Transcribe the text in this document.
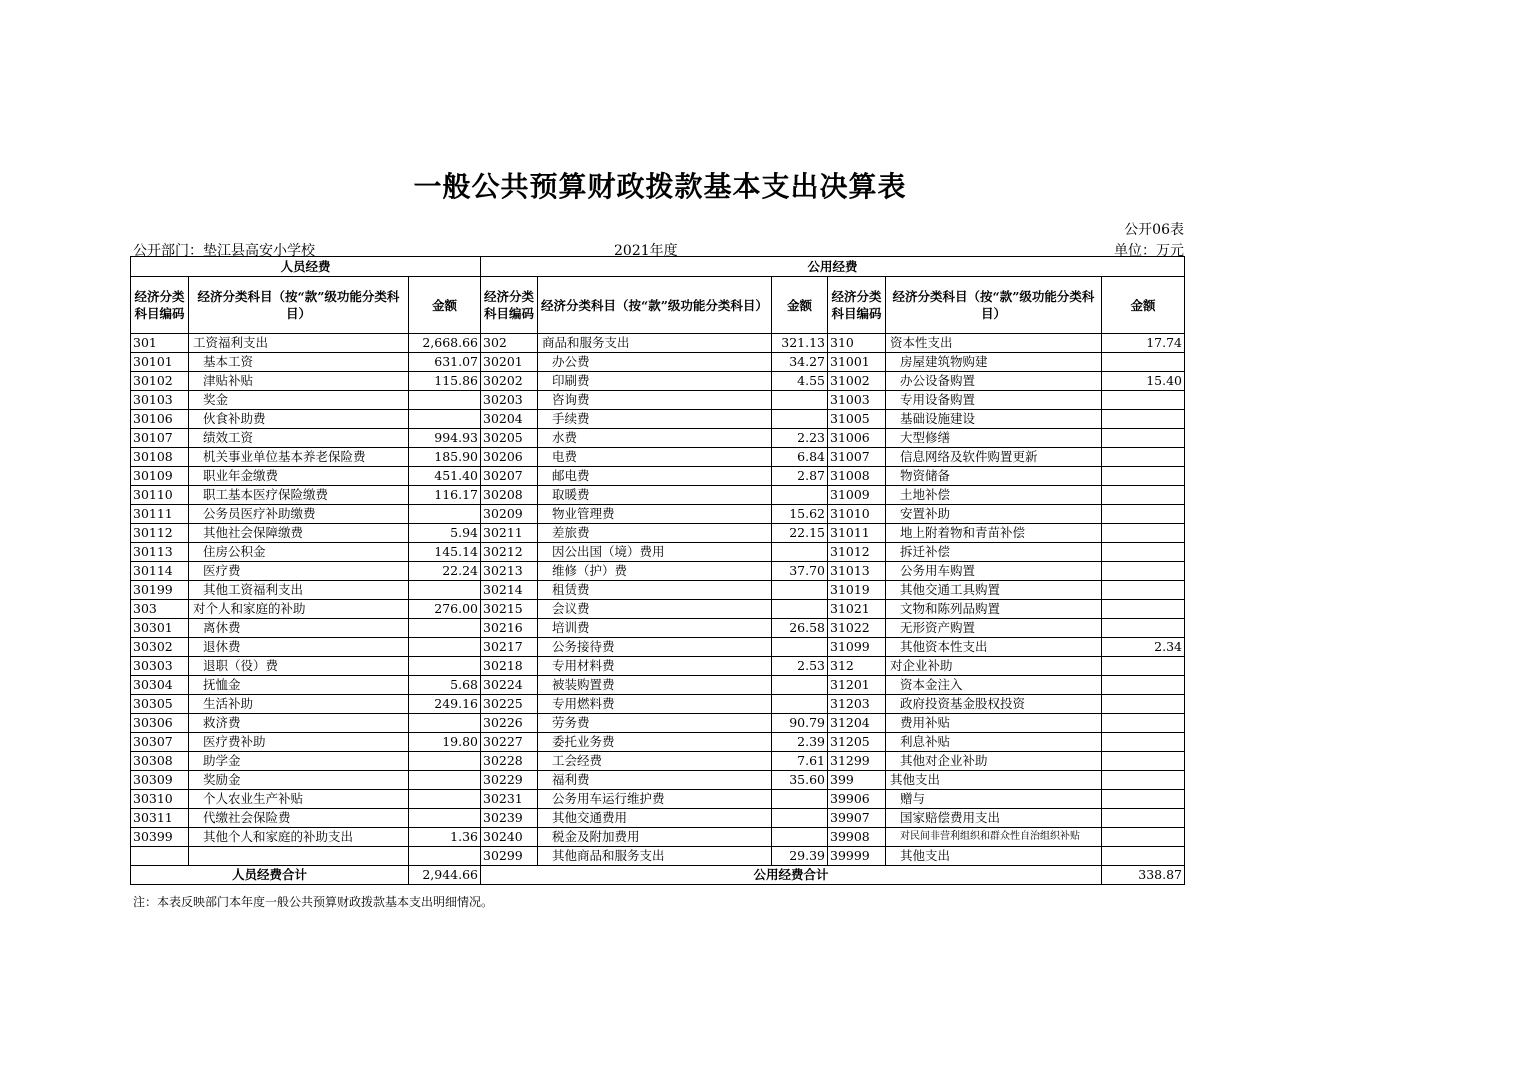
一般公共预算财政拨款基本支出决算表
公开06表
公开部门：垫江县高安小学校	2021年度	单位：万元
人员经费			公用经费					
经济分类科目编码	经济分类科目（按“款”级功能分类科目）	金额	经济分类科目编码	经济分类科目（按“款”级功能分类科目）	金额	经济分类科目编码	经济分类科目（按“款”级功能分类科目）	金额
301	工资福利支出	2,668.66	302	商品和服务支出	321.13	310	资本性支出	17.74
30101	基本工资	631.07	30201	办公费	34.27	31001	房屋建筑物购建	
30102	津贴补贴	115.86	30202	印刷费	4.55	31002	办公设备购置	15.40
30103	奖金		30203	咨询费		31003	专用设备购置	
30106	伙食补助费		30204	手续费		31005	基础设施建设	
30107	绩效工资	994.93	30205	水费	2.23	31006	大型修缮	
30108	机关事业单位基本养老保险费	185.90	30206	电费	6.84	31007	信息网络及软件购置更新	
30109	职业年金缴费	451.40	30207	邮电费	2.87	31008	物资储备	
30110	职工基本医疗保险缴费	116.17	30208	取暖费		31009	土地补偿	
30111	公务员医疗补助缴费		30209	物业管理费	15.62	31010	安置补助	
30112	其他社会保障缴费	5.94	30211	差旅费	22.15	31011	地上附着物和青苗补偿	
30113	住房公积金	145.14	30212	因公出国（境）费用		31012	拆迁补偿	
30114	医疗费	22.24	30213	维修（护）费	37.70	31013	公务用车购置	
30199	其他工资福利支出		30214	租赁费		31019	其他交通工具购置	
303	对个人和家庭的补助	276.00	30215	会议费		31021	文物和陈列品购置	
30301	离休费		30216	培训费	26.58	31022	无形资产购置	
30302	退休费		30217	公务接待费		31099	其他资本性支出	2.34
30303	退职（役）费		30218	专用材料费	2.53	312	对企业补助	
30304	抚恤金	5.68	30224	被装购置费		31201	资本金注入	
30305	生活补助	249.16	30225	专用燃料费		31203	政府投资基金股权投资	
30306	救济费		30226	劳务费	90.79	31204	费用补贴	
30307	医疗费补助	19.80	30227	委托业务费	2.39	31205	利息补贴	
30308	助学金		30228	工会经费	7.61	31299	其他对企业补助	
30309	奖励金		30229	福利费	35.60	399	其他支出	
30310	个人农业生产补贴		30231	公务用车运行维护费		39906	赠与	
30311	代缴社会保险费		30239	其他交通费用		39907	国家赔偿费用支出	
30399	其他个人和家庭的补助支出	1.36	30240	税金及附加费用		39908	对民间非营利组织和群众性自治组织补贴	
			30299	其他商品和服务支出	29.39	39999	其他支出	
人员经费合计		2,944.66	公用经费合计					338.87
注：本表反映部门本年度一般公共预算财政拨款基本支出明细情况。
